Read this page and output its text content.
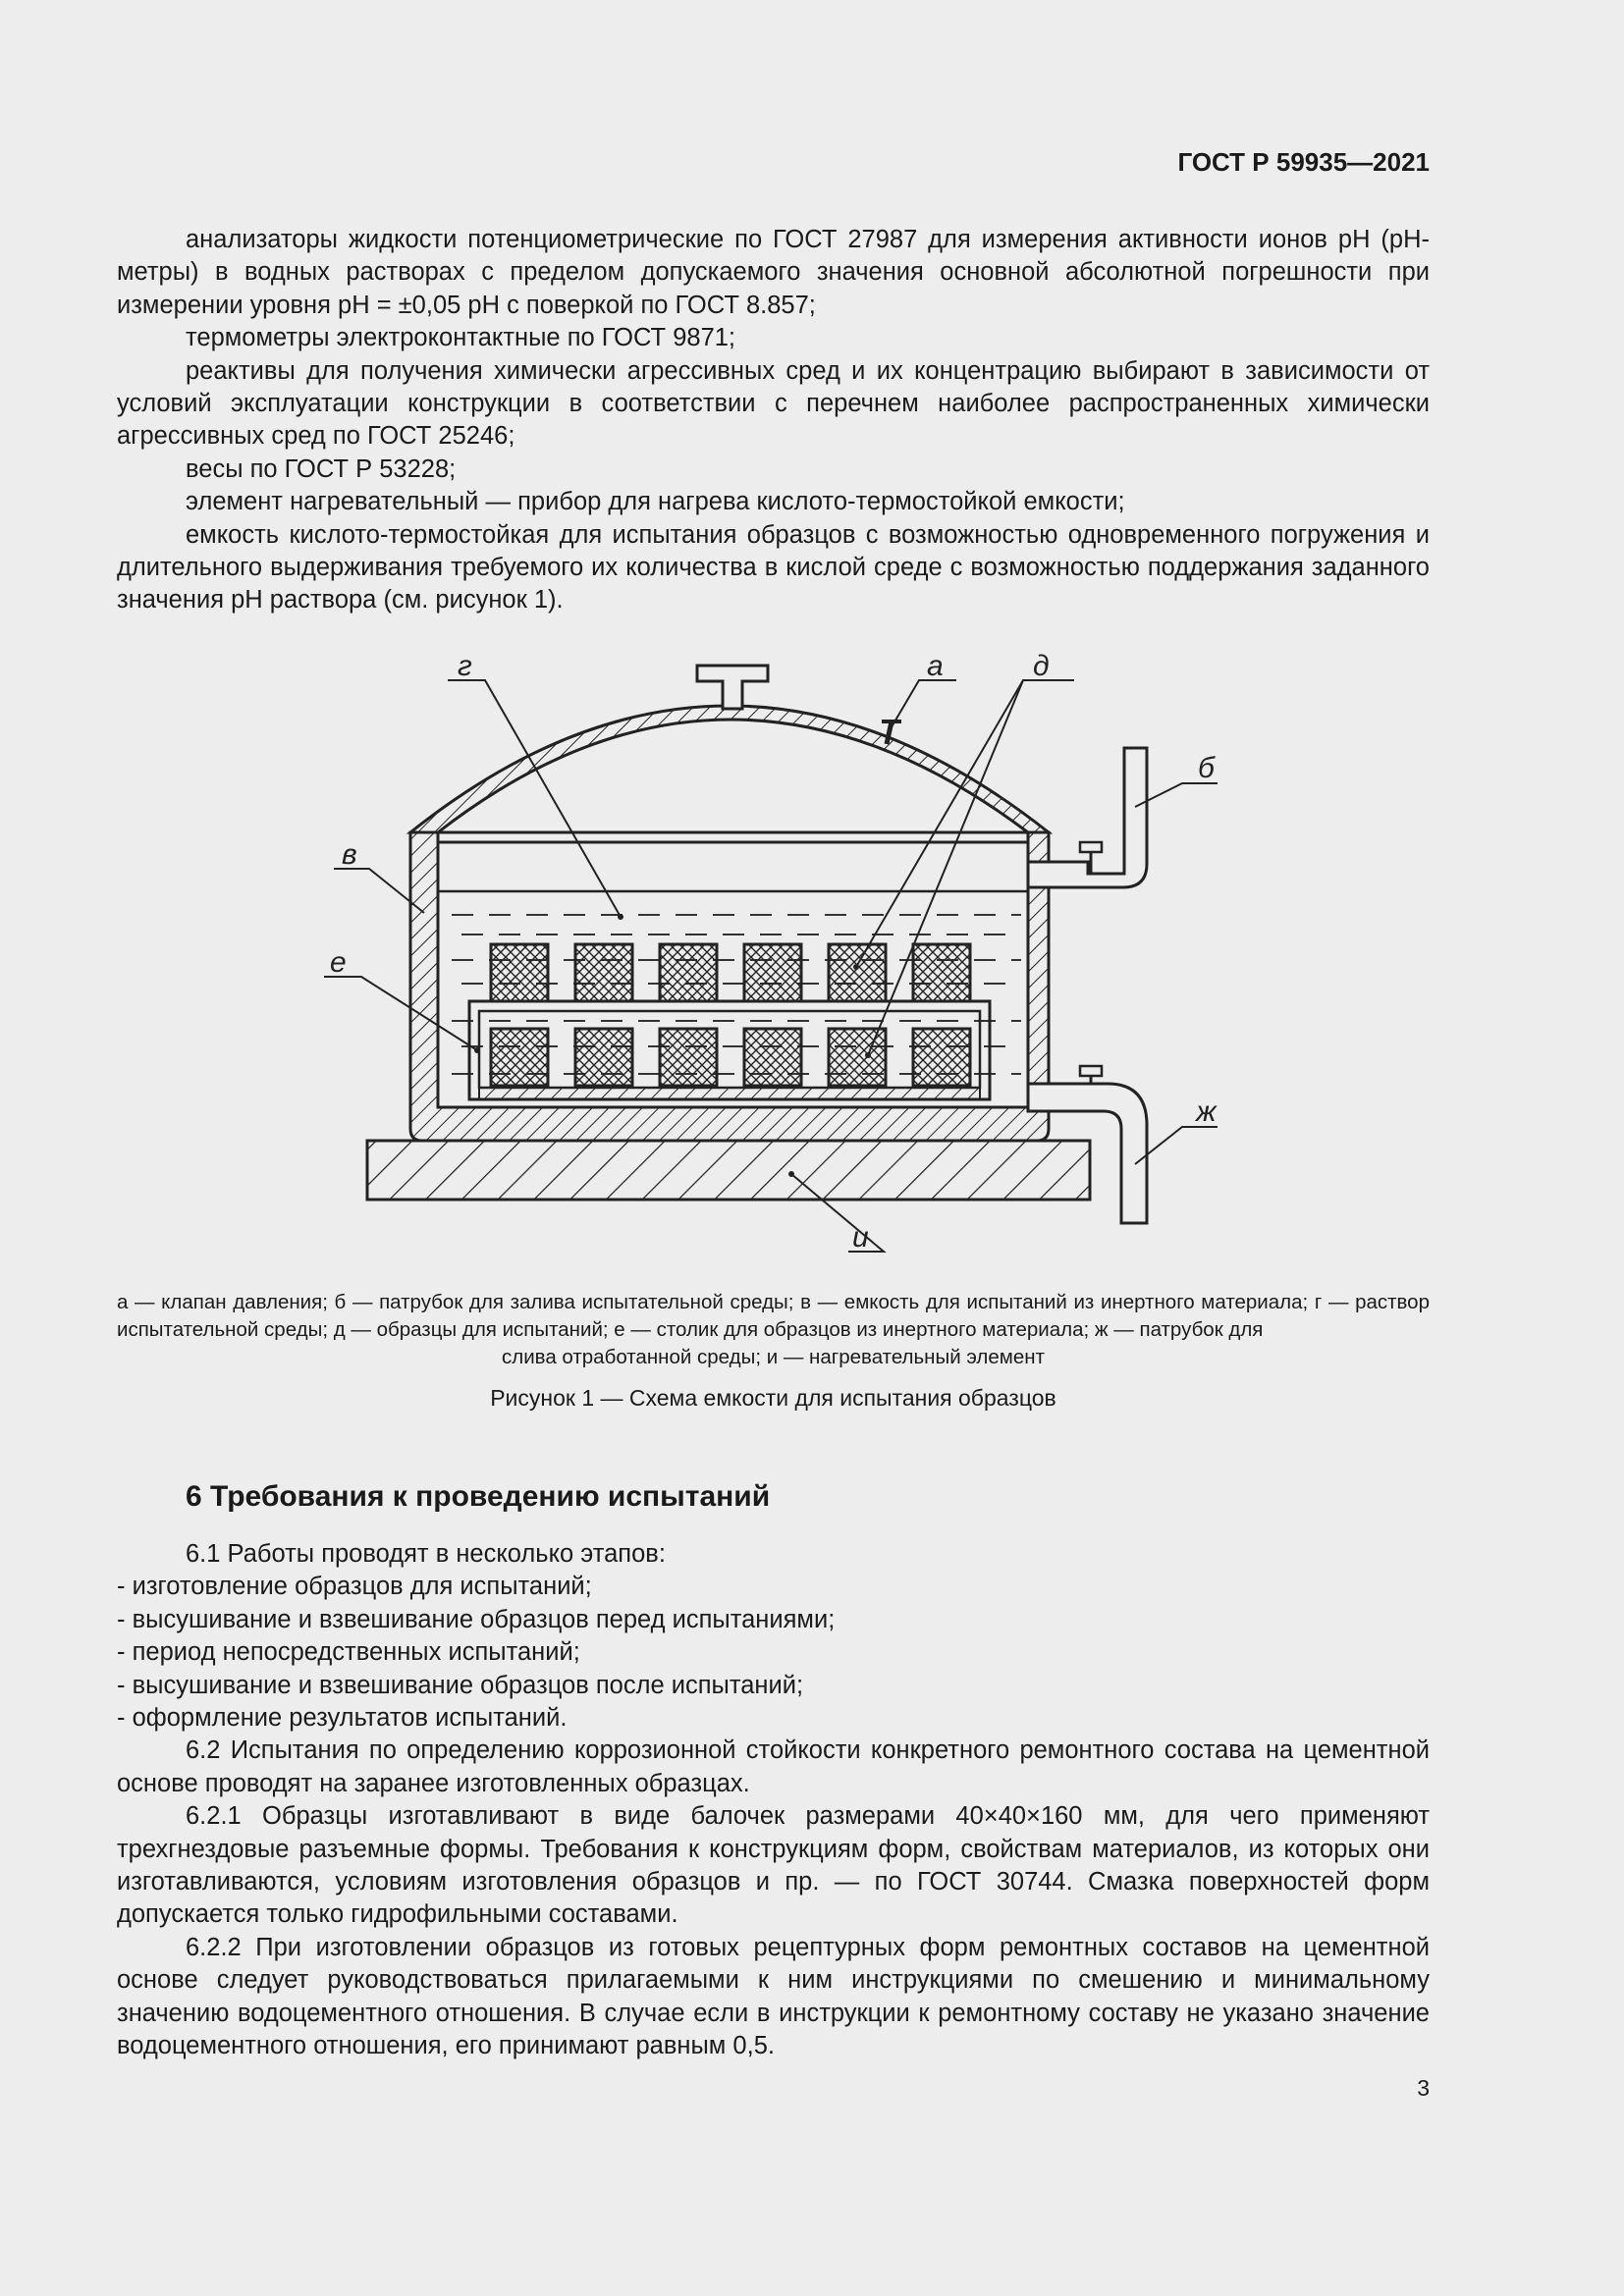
ГОСТ Р 59935—2021

анализаторы жидкости потенциометрические по ГОСТ 27987 для измерения активности ионов pH (pH-метры) в водных растворах с пределом допускаемого значения основной абсолютной погрешности при измерении уровня pH = ±0,05 pH с поверкой по ГОСТ 8.857;

термометры электроконтактные по ГОСТ 9871;

реактивы для получения химически агрессивных сред и их концентрацию выбирают в зависимости от условий эксплуатации конструкции в соответствии с перечнем наиболее распространенных химически агрессивных сред по ГОСТ 25246;

весы по ГОСТ Р 53228;

элемент нагревательный — прибор для нагрева кислото-термостойкой емкости;

емкость кислото-термостойкая для испытания образцов с возможностью одновременного погружения и длительного выдерживания требуемого их количества в кислой среде с возможностью поддержания заданного значения pH раствора (см. рисунок 1).

г	а	д
б
в
е
ж
и
а — клапан давления; б — патрубок для залива испытательной среды; в — емкость для испытаний из инертного материала; г — раствор испытательной среды; д — образцы для испытаний; е — столик для образцов из инертного материала; ж — патрубок для
слива отработанной среды; и — нагревательный элемент
Рисунок 1 — Схема емкости для испытания образцов
6 Требования к проведению испытаний

6.1 Работы проводят в несколько этапов:

- изготовление образцов для испытаний;

- высушивание и взвешивание образцов перед испытаниями;

- период непосредственных испытаний;

- высушивание и взвешивание образцов после испытаний;

- оформление результатов испытаний.

6.2 Испытания по определению коррозионной стойкости конкретного ремонтного состава на цементной основе проводят на заранее изготовленных образцах.

6.2.1 Образцы изготавливают в виде балочек размерами 40×40×160 мм, для чего применяют трехгнездовые разъемные формы. Требования к конструкциям форм, свойствам материалов, из которых они изготавливаются, условиям изготовления образцов и пр. — по ГОСТ 30744. Смазка поверхностей форм допускается только гидрофильными составами.

6.2.2 При изготовлении образцов из готовых рецептурных форм ремонтных составов на цементной основе следует руководствоваться прилагаемыми к ним инструкциями по смешению и минимальному значению водоцементного отношения. В случае если в инструкции к ремонтному составу не указано значение водоцементного отношения, его принимают равным 0,5.

3
